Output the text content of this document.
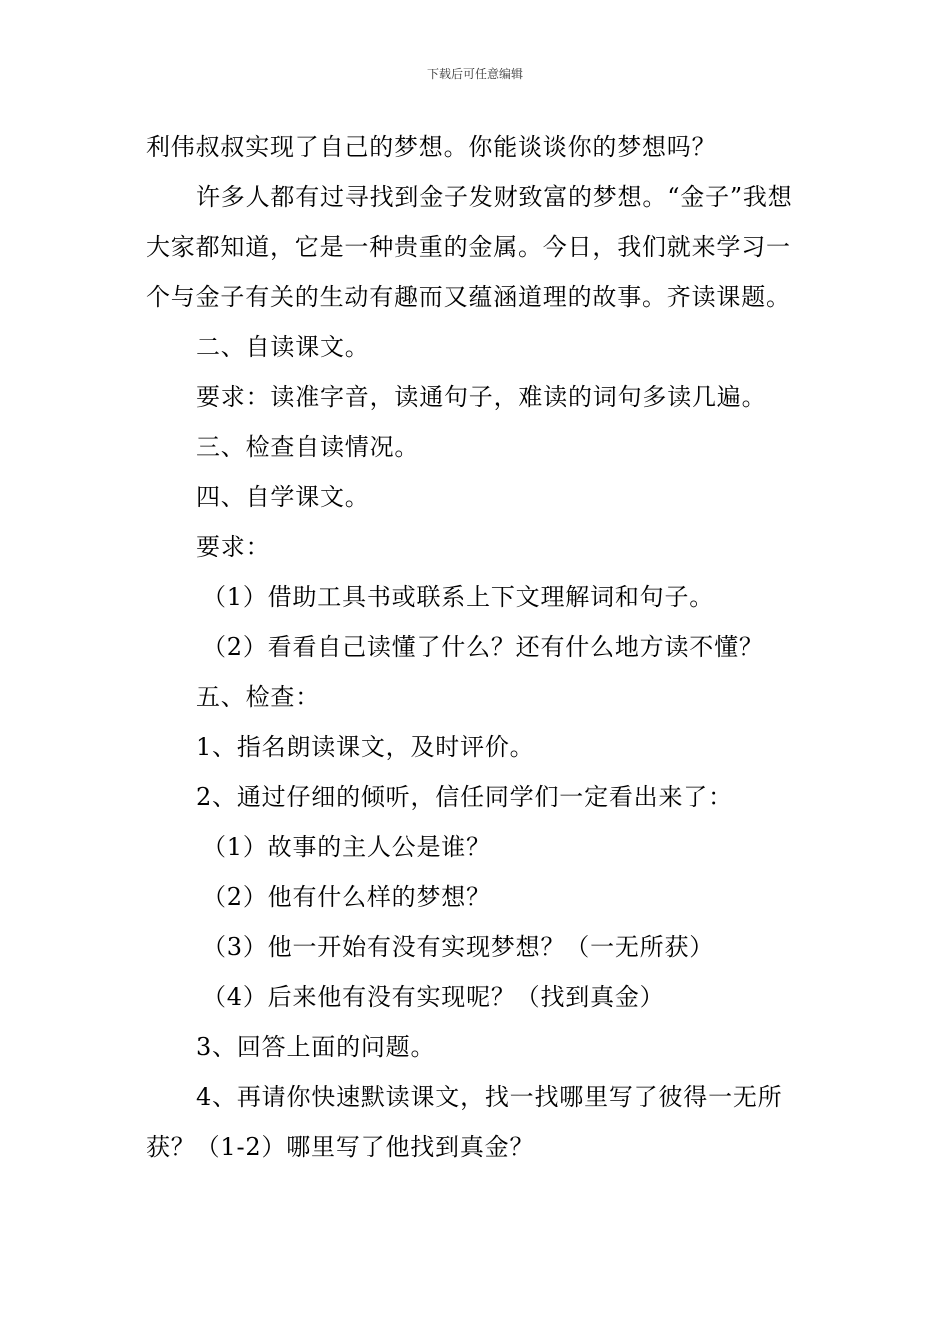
下载后可任意编辑

利伟叔叔实现了自己的梦想。你能谈谈你的梦想吗？

许多人都有过寻找到金子发财致富的梦想。“金子”我想大家都知道，它是一种贵重的金属。今日，我们就来学习一个与金子有关的生动有趣而又蕴涵道理的故事。齐读课题。

二、自读课文。

要求：读准字音，读通句子，难读的词句多读几遍。

三、检查自读情况。

四、自学课文。

要求：

（1）借助工具书或联系上下文理解词和句子。

（2）看看自己读懂了什么？还有什么地方读不懂？

五、检查：

1、指名朗读课文，及时评价。

2、通过仔细的倾听，信任同学们一定看出来了：

（1）故事的主人公是谁？

（2）他有什么样的梦想？

（3）他一开始有没有实现梦想？（一无所获）

（4）后来他有没有实现呢？（找到真金）

3、回答上面的问题。

4、再请你快速默读课文，找一找哪里写了彼得一无所获？（1-2）哪里写了他找到真金？
